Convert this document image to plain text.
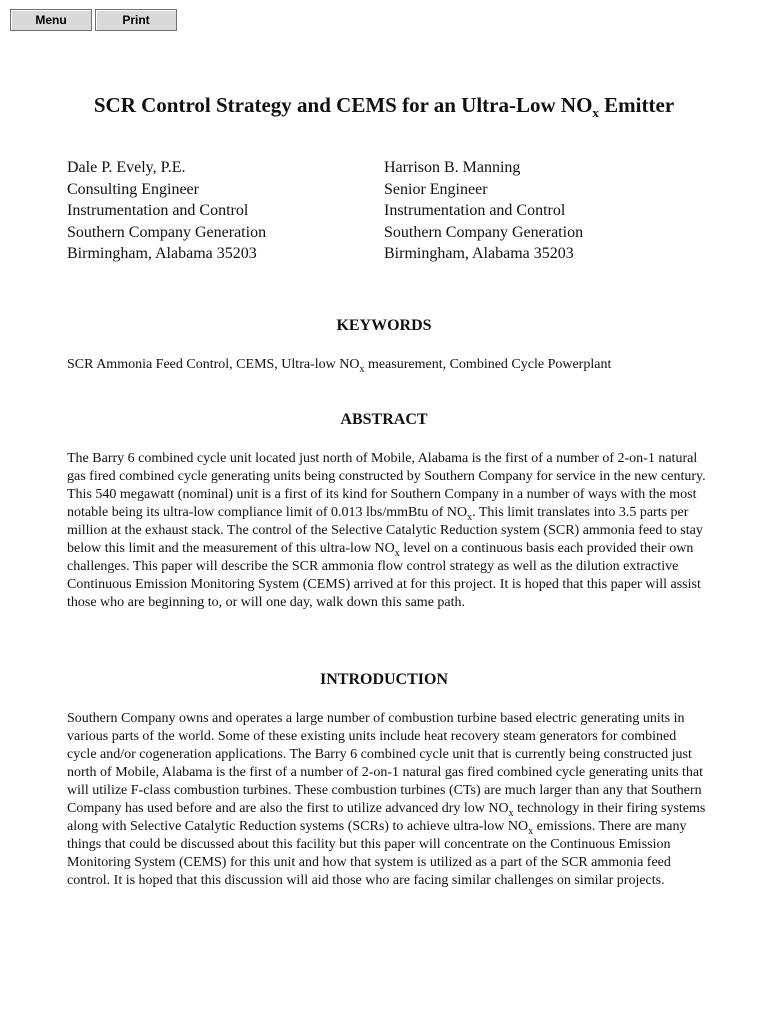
Menu	Print
SCR Control Strategy and CEMS for an Ultra-Low $NO_x$ Emitter
Dale P. Evely, P.E.
Consulting Engineer
Instrumentation and Control
Southern Company Generation
Birmingham, Alabama 35203
Harrison B. Manning
Senior Engineer
Instrumentation and Control
Southern Company Generation
Birmingham, Alabama 35203
KEYWORDS

SCR Ammonia Feed Control, CEMS, Ultra-low $NO_x$ measurement, Combined Cycle Powerplant

ABSTRACT

The Barry 6 combined cycle unit located just north of Mobile, Alabama is the first of a number of 2-on-1 natural gas fired combined cycle generating units being constructed by Southern Company for service in the new century. This 540 megawatt (nominal) unit is a first of its kind for Southern Company in a number of ways with the most notable being its ultra-low compliance limit of 0.013 lbs/mmBtu of $NO_x$. This limit translates into 3.5 parts per million at the exhaust stack. The control of the Selective Catalytic Reduction system (SCR) ammonia feed to stay below this limit and the measurement of this ultra-low $NO_x$ level on a continuous basis each provided their own challenges. This paper will describe the SCR ammonia flow control strategy as well as the dilution extractive Continuous Emission Monitoring System (CEMS) arrived at for this project. It is hoped that this paper will assist those who are beginning to, or will one day, walk down this same path.

INTRODUCTION

Southern Company owns and operates a large number of combustion turbine based electric generating units in various parts of the world. Some of these existing units include heat recovery steam generators for combined cycle and/or cogeneration applications. The Barry 6 combined cycle unit that is currently being constructed just north of Mobile, Alabama is the first of a number of 2-on-1 natural gas fired combined cycle generating units that will utilize F-class combustion turbines. These combustion turbines (CTs) are much larger than any that Southern Company has used before and are also the first to utilize advanced dry low $NO_x$ technology in their firing systems along with Selective Catalytic Reduction systems (SCRs) to achieve ultra-low $NO_x$ emissions. There are many things that could be discussed about this facility but this paper will concentrate on the Continuous Emission Monitoring System (CEMS) for this unit and how that system is utilized as a part of the SCR ammonia feed control. It is hoped that this discussion will aid those who are facing similar challenges on similar projects.
